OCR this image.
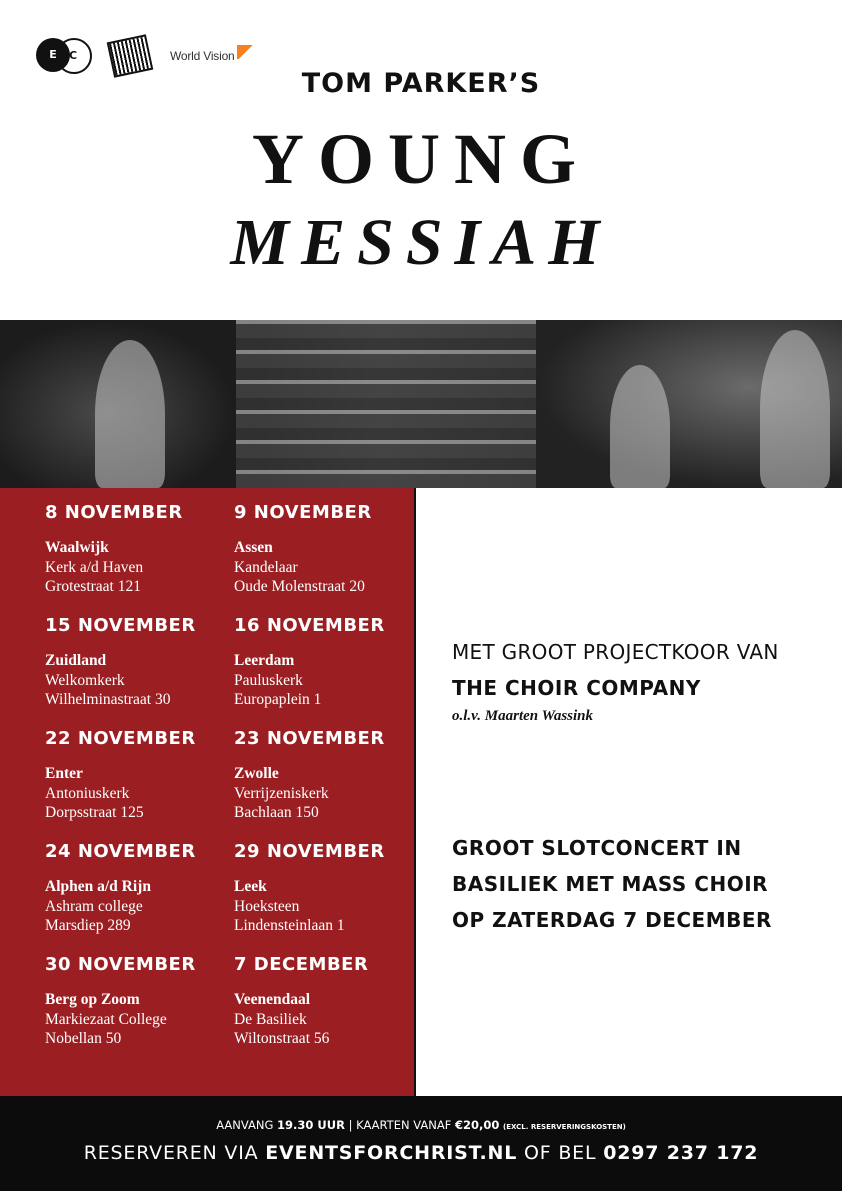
E	C	World Vision
TOM PARKER’S
YOUNG
MESSIAH
8 NOVEMBER
Waalwijk
Kerk a/d Haven
Grotestraat 121
15 NOVEMBER
Zuidland
Welkomkerk
Wilhelminastraat 30
22 NOVEMBER
Enter
Antoniuskerk
Dorpsstraat 125
24 NOVEMBER
Alphen a/d Rijn
Ashram college
Marsdiep 289
30 NOVEMBER
Berg op Zoom
Markiezaat College
Nobellan 50
9 NOVEMBER
Assen
Kandelaar
Oude Molenstraat 20
16 NOVEMBER
Leerdam
Pauluskerk
Europaplein 1
23 NOVEMBER
Zwolle
Verrijzeniskerk
Bachlaan 150
29 NOVEMBER
Leek
Hoeksteen
Lindensteinlaan 1
7 DECEMBER
Veenendaal
De Basiliek
Wiltonstraat 56
MET GROOT PROJECTKOOR VAN
THE CHOIR COMPANY
o.l.v. Maarten Wassink
GROOT SLOTCONCERT IN
BASILIEK MET MASS CHOIR
OP ZATERDAG 7 DECEMBER
AANVANG 19.30 UUR | KAARTEN VANAF €20,00 (EXCL. RESERVERINGSKOSTEN)
RESERVEREN VIA EVENTSFORCHRIST.NL OF BEL 0297 237 172
